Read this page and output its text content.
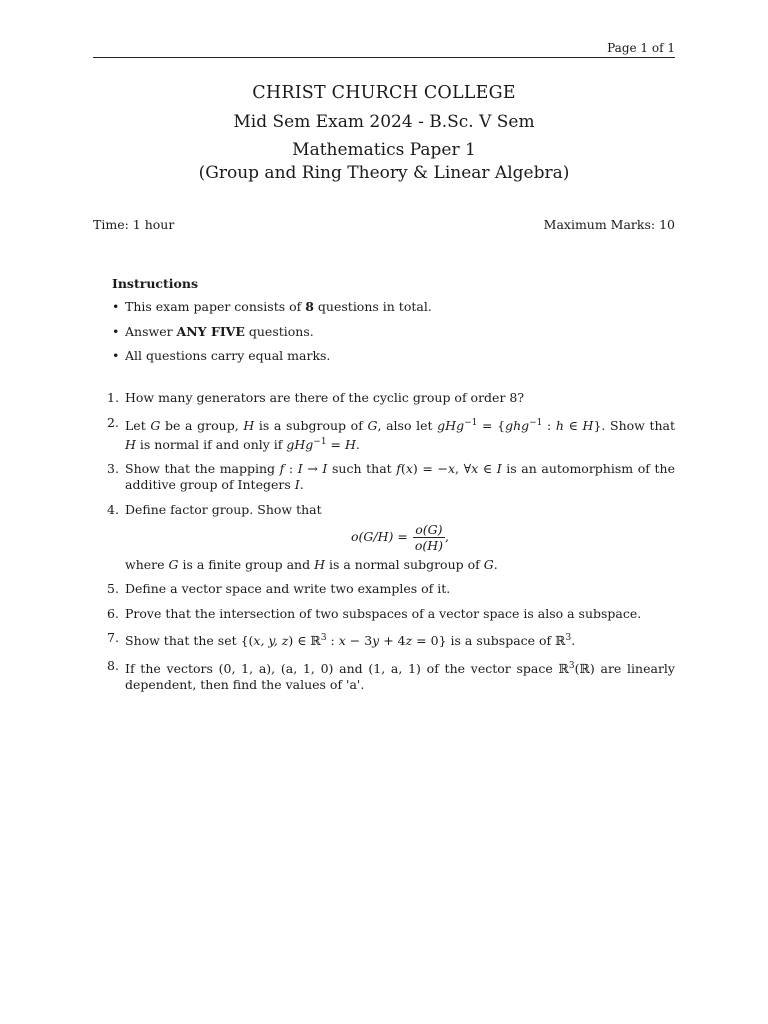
Page 1 of 1
CHRIST CHURCH COLLEGE
Mid Sem Exam 2024 - B.Sc. V Sem
Mathematics Paper 1
(Group and Ring Theory & Linear Algebra)
Time: 1 hour	Maximum Marks: 10
Instructions
• This exam paper consists of 8 questions in total.
• Answer ANY FIVE questions.
• All questions carry equal marks.
1. How many generators are there of the cyclic group of order 8?
2. Let G be a group, H is a subgroup of G, also let gHg$^{-1}$ = {ghg$^{-1}$ : h ∈ H}. Show that H is normal if and only if gHg$^{-1}$ = H.
3. Show that the mapping f : I → I such that f(x) = −x, ∀x ∈ I is an automorphism of the additive group of Integers I.
4. Define factor group. Show that
$o(G/H) = \frac{o(G)}{o(H)}$ ,
where G is a finite group and H is a normal subgroup of G.
5. Define a vector space and write two examples of it.
6. Prove that the intersection of two subspaces of a vector space is also a subspace.
7. Show that the set {(x, y, z) ∈ ℝ$^3$ : x − 3y + 4z = 0} is a subspace of ℝ$^3$.
8. If the vectors (0, 1, a), (a, 1, 0) and (1, a, 1) of the vector space ℝ$^3$(ℝ) are linearly dependent, then find the values of 'a'.
